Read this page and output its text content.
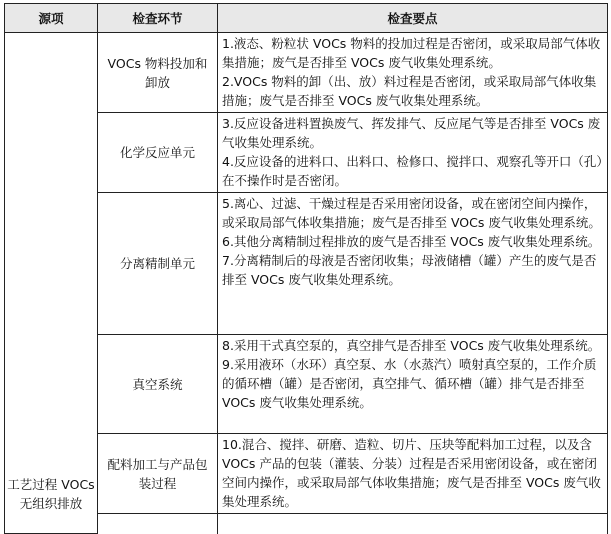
源项	检查环节	检查要点
工艺过程 VOCs 无组织排放	VOCs 物料投加和卸放	1.液态、粉粒状 VOCs 物料的投加过程是否密闭，或采取局部气体收集措施；废气是否排至 VOCs 废气收集处理系统。

2.VOCs 物料的卸（出、放）料过程是否密闭，或采取局部气体收集措施；废气是否排至 VOCs 废气收集处理系统。

	化学反应单元	3.反应设备进料置换废气、挥发排气、反应尾气等是否排至 VOCs 废气收集处理系统。

4.反应设备的进料口、出料口、检修口、搅拌口、观察孔等开口（孔）在不操作时是否密闭。

	分离精制单元	5.离心、过滤、干燥过程是否采用密闭设备，或在密闭空间内操作，或采取局部气体收集措施；废气是否排至 VOCs 废气收集处理系统。

6.其他分离精制过程排放的废气是否排至 VOCs 废气收集处理系统。

7.分离精制后的母液是否密闭收集；母液储槽（罐）产生的废气是否排至 VOCs 废气收集处理系统。

	真空系统	8.采用干式真空泵的，真空排气是否排至 VOCs 废气收集处理系统。

9.采用液环（水环）真空泵、水（水蒸汽）喷射真空泵的，工作介质的循环槽（罐）是否密闭，真空排气、循环槽（罐）排气是否排至 VOCs 废气收集处理系统。

	配料加工与产品包装过程	10.混合、搅拌、研磨、造粒、切片、压块等配料加工过程，以及含 VOCs 产品的包装（灌装、分装）过程是否采用密闭设备，或在密闭空间内操作，或采取局部气体收集措施；废气是否排至 VOCs 废气收集处理系统。
